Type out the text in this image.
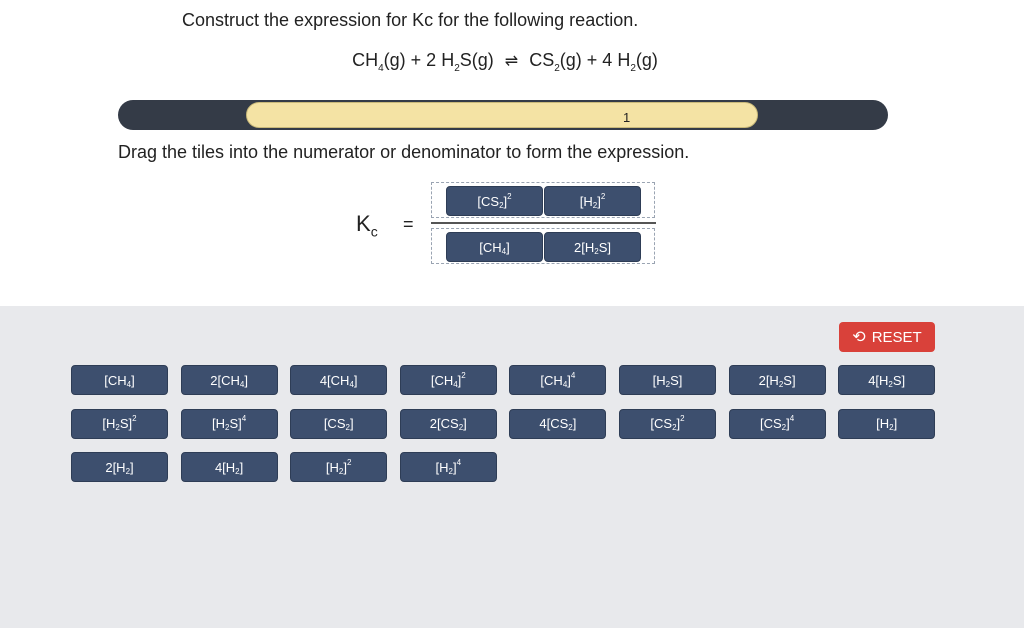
Construct the expression for Kc for the following reaction.
$CH_4(g) + 2$ $H_2S(g)$ ⇌ $CS_2(g) + 4$ $H_2(g)$
1
Drag the tiles into the numerator or denominator to form the expression.
$K_c$ =
[CS 2 ] 2	[H 2 ] 2
[CH 4 ]	2[H 2 S]
⟲ RESET
[CH 4 ]	2[CH 4 ]	4[CH 4 ]	[CH 4 ] 2	[CH 4 ] 4	[H 2 S]	2[H 2 S]	4[H 2 S]
[H 2 S] 2	[H 2 S] 4	[CS 2 ]	2[CS 2 ]	4[CS 2 ]	[CS 2 ] 2	[CS 2 ] 4	[H 2 ]
2[H 2 ]	4[H 2 ]	[H 2 ] 2	[H 2 ] 4
